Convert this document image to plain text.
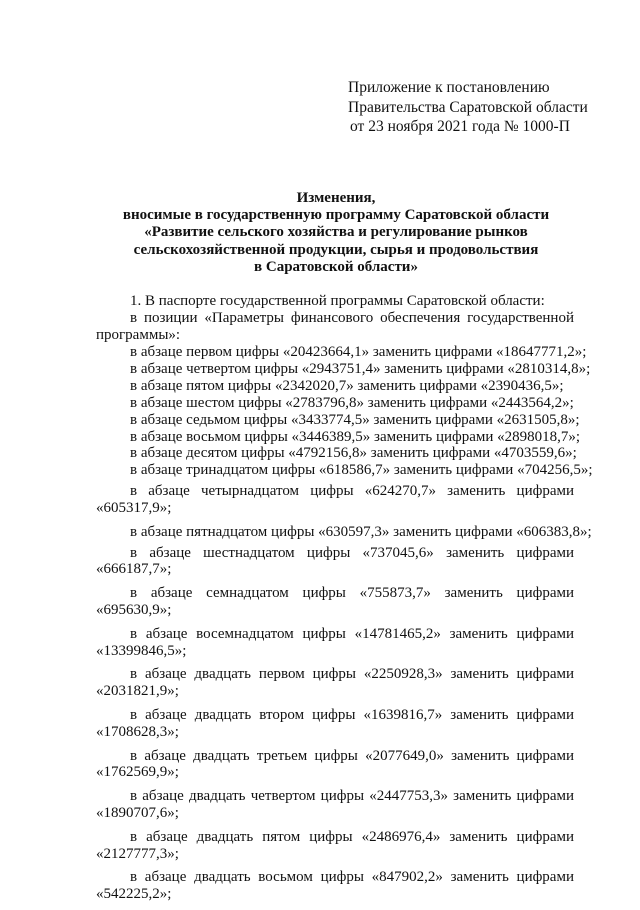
Приложение к постановлению
Правительства Саратовской области
от 23 ноября 2021 года № 1000-П
Изменения,
вносимые в государственную программу Саратовской области
«Развитие сельского хозяйства и регулирование рынков
сельскохозяйственной продукции, сырья и продовольствия
в Саратовской области»
1. В паспорте государственной программы Саратовской области:
в позиции «Параметры финансового обеспечения государственной
программы»:
в абзаце первом цифры «20423664,1» заменить цифрами «18647771,2»;
в абзаце четвертом цифры «2943751,4» заменить цифрами «2810314,8»;
в абзаце пятом цифры «2342020,7» заменить цифрами «2390436,5»;
в абзаце шестом цифры «2783796,8» заменить цифрами «2443564,2»;
в абзаце седьмом цифры «3433774,5» заменить цифрами «2631505,8»;
в абзаце восьмом цифры «3446389,5» заменить цифрами «2898018,7»;
в абзаце десятом цифры «4792156,8» заменить цифрами «4703559,6»;
в абзаце тринадцатом цифры «618586,7» заменить цифрами «704256,5»;
в абзаце четырнадцатом цифры «624270,7» заменить цифрами
«605317,9»;
в абзаце пятнадцатом цифры «630597,3» заменить цифрами «606383,8»;
в абзаце шестнадцатом цифры «737045,6» заменить цифрами
«666187,7»;
в абзаце семнадцатом цифры «755873,7» заменить цифрами
«695630,9»;
в абзаце восемнадцатом цифры «14781465,2» заменить цифрами
«13399846,5»;
в абзаце двадцать первом цифры «2250928,3» заменить цифрами
«2031821,9»;
в абзаце двадцать втором цифры «1639816,7» заменить цифрами
«1708628,3»;
в абзаце двадцать третьем цифры «2077649,0» заменить цифрами
«1762569,9»;
в абзаце двадцать четвертом цифры «2447753,3» заменить цифрами
«1890707,6»;
в абзаце двадцать пятом цифры «2486976,4» заменить цифрами
«2127777,3»;
в абзаце двадцать восьмом цифры «847902,2» заменить цифрами
«542225,2»;
